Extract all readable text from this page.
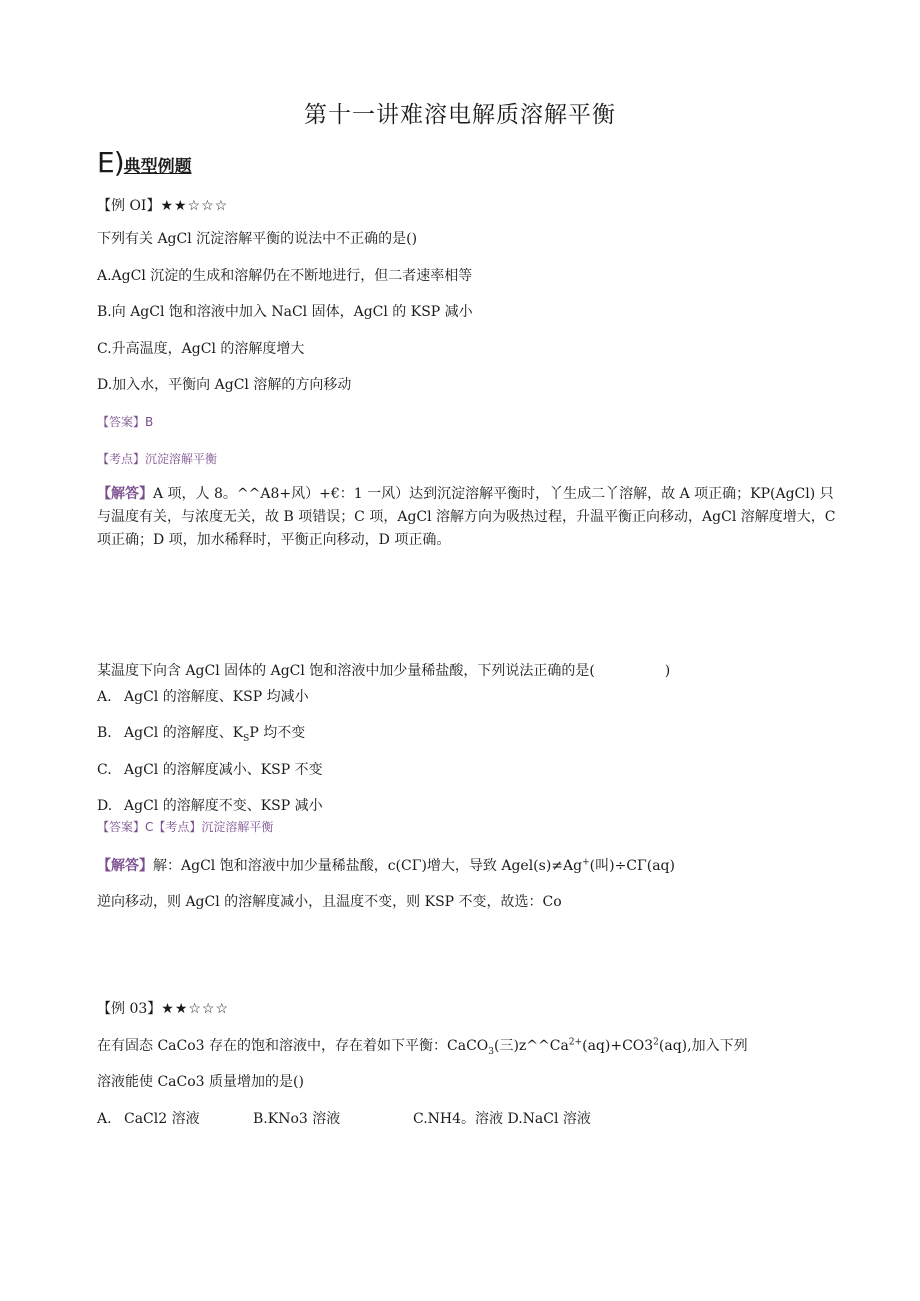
第十一讲难溶电解质溶解平衡
E)典型例题
【例 OI】★★☆☆☆
下列有关 AgCl 沉淀溶解平衡的说法中不正确的是()
A.AgCl 沉淀的生成和溶解仍在不断地进行，但二者速率相等
B.向 AgCl 饱和溶液中加入 NaCl 固体，AgCl 的 KSP 减小
C.升高温度，AgCl 的溶解度增大
D.加入水，平衡向 AgCl 溶解的方向移动
【答案】B
【考点】沉淀溶解平衡
【解答】A 项，人 8。^^A8+风）+€：1 一风）达到沉淀溶解平衡时，丫生成二丫溶解，故 A 项正确；KP(AgCl) 只与温度有关，与浓度无关，故 B 项错误；C 项，AgCl 溶解方向为吸热过程，升温平衡正向移动，AgCl 溶解度增大，C 项正确；D 项，加水稀释时，平衡正向移动，D 项正确。
某温度下向含 AgCl 固体的 AgCl 饱和溶液中加少量稀盐酸，下列说法正确的是(	)
A. AgCl 的溶解度、KSP 均减小
B. AgCl 的溶解度、$K_SP$ 均不变
C. AgCl 的溶解度减小、KSP 不变
D. AgCl 的溶解度不变、KSP 减小
【答案】C【考点】沉淀溶解平衡
【解答】解：AgCl 饱和溶液中加少量稀盐酸，c(CΓ)增大，导致 Agel(s)≠Ag+(叫)÷CΓ(aq)
逆向移动，则 AgCl 的溶解度减小，且温度不变，则 KSP 不变，故选：Co
【例 03】★★☆☆☆
在有固态 CaCo3 存在的饱和溶液中，存在着如下平衡：CaCO$_3$(三)$z\^{}\^{}Ca^{2+}(aq)+CO3^2(aq)$,加入下列
溶液能使 CaCo3 质量增加的是()
A. CaCl2 溶液	B.KNo3 溶液	C.NH4。溶液 D.NaCl 溶液
